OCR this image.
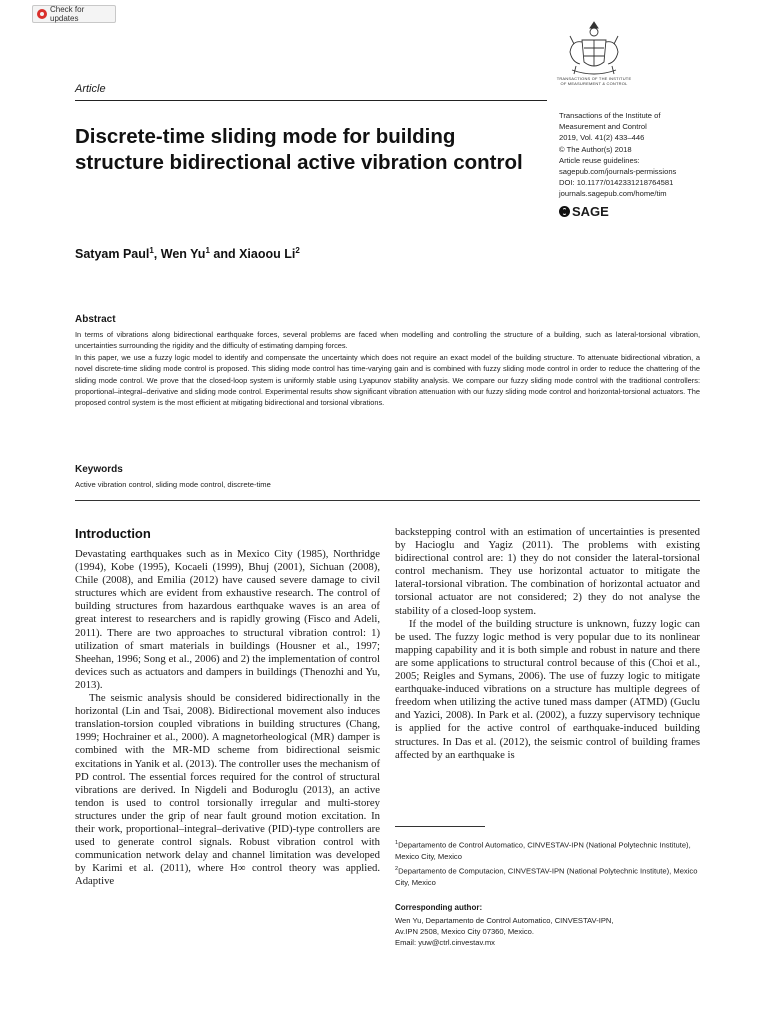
Check for updates
Article
TRANSACTIONS OF THE INSTITUTE OF MEASUREMENT & CONTROL
Transactions of the Institute of
Measurement and Control
2019, Vol. 41(2) 433–446
© The Author(s) 2018
Article reuse guidelines:
sagepub.com/journals-permissions
DOI: 10.1177/0142331218764581
journals.sagepub.com/home/tim
SAGE
Discrete-time sliding mode for building structure bidirectional active vibration control
Satyam Paul$^1$, Wen Yu$^1$ and Xiaoou Li$^2$
Abstract

In terms of vibrations along bidirectional earthquake forces, several problems are faced when modelling and controlling the structure of a building, such as lateral-torsional vibration, uncertainties surrounding the rigidity and the difficulty of estimating damping forces.

In this paper, we use a fuzzy logic model to identify and compensate the uncertainty which does not require an exact model of the building structure. To attenuate bidirectional vibration, a novel discrete-time sliding mode control is proposed. This sliding mode control has time-varying gain and is combined with fuzzy sliding mode control in order to reduce the chattering of the sliding mode control. We prove that the closed-loop system is uniformly stable using Lyapunov stability analysis. We compare our fuzzy sliding mode control with the traditional controllers: proportional–integral–derivative and sliding mode control. Experimental results show significant vibration attenuation with our fuzzy sliding mode control and horizontal-torsional actuators. The proposed control system is the most efficient at mitigating bidirectional and torsional vibrations.

Keywords
Active vibration control, sliding mode control, discrete-time
Introduction

Devastating earthquakes such as in Mexico City (1985), Northridge (1994), Kobe (1995), Kocaeli (1999), Bhuj (2001), Sichuan (2008), Chile (2008), and Emilia (2012) have caused severe damage to civil structures which are evident from exhaustive research. The control of building structures from hazardous earthquake waves is an area of great interest to researchers and is rapidly growing (Fisco and Adeli, 2011). There are two approaches to structural vibration control: 1) utilization of smart materials in buildings (Housner et al., 1997; Sheehan, 1996; Song et al., 2006) and 2) the implementation of control devices such as actuators and dampers in buildings (Thenozhi and Yu, 2013).

The seismic analysis should be considered bidirectionally in the horizontal (Lin and Tsai, 2008). Bidirectional movement also induces translation-torsion coupled vibrations in building structures (Chang, 1999; Hochrainer et al., 2000). A magnetorheological (MR) damper is combined with the MR-MD scheme from bidirectional seismic excitations in Yanik et al. (2013). The controller uses the mechanism of PD control. The essential forces required for the control of structural vibrations are derived. In Nigdeli and Boduroglu (2013), an active tendon is used to control torsionally irregular and multi-storey structures under the grip of near fault ground motion excitation. In their work, proportional–integral–derivative (PID)-type controllers are used to generate control signals. Robust vibration control with communication network delay and channel limitation was developed by Karimi et al. (2011), where H∞ control theory was applied. Adaptive

backstepping control with an estimation of uncertainties is presented by Hacioglu and Yagiz (2011). The problems with existing bidirectional control are: 1) they do not consider the lateral-torsional control mechanism. They use horizontal actuator to mitigate the lateral-torsional vibration. The combination of horizontal actuator and torsional actuator are not considered; 2) they do not analyse the stability of a closed-loop system.

If the model of the building structure is unknown, fuzzy logic can be used. The fuzzy logic method is very popular due to its nonlinear mapping capability and it is both simple and robust in nature and there are some applications to structural control because of this (Choi et al., 2005; Reigles and Symans, 2006). The use of fuzzy logic to mitigate earthquake-induced vibrations on a structure has multiple degrees of freedom when utilizing the active tuned mass damper (ATMD) (Guclu and Yazici, 2008). In Park et al. (2002), a fuzzy supervisory technique is applied for the active control of earthquake-induced building structures. In Das et al. (2012), the seismic control of building frames affected by an earthquake is

$^1$Departamento de Control Automatico, CINVESTAV-IPN (National Polytechnic Institute), Mexico City, Mexico

$^2$Departamento de Computacion, CINVESTAV-IPN (National Polytechnic Institute), Mexico City, Mexico

Corresponding author:
Wen Yu, Departamento de Control Automatico, CINVESTAV-IPN,
Av.IPN 2508, Mexico City 07360, Mexico.
Email: yuw@ctrl.cinvestav.mx
